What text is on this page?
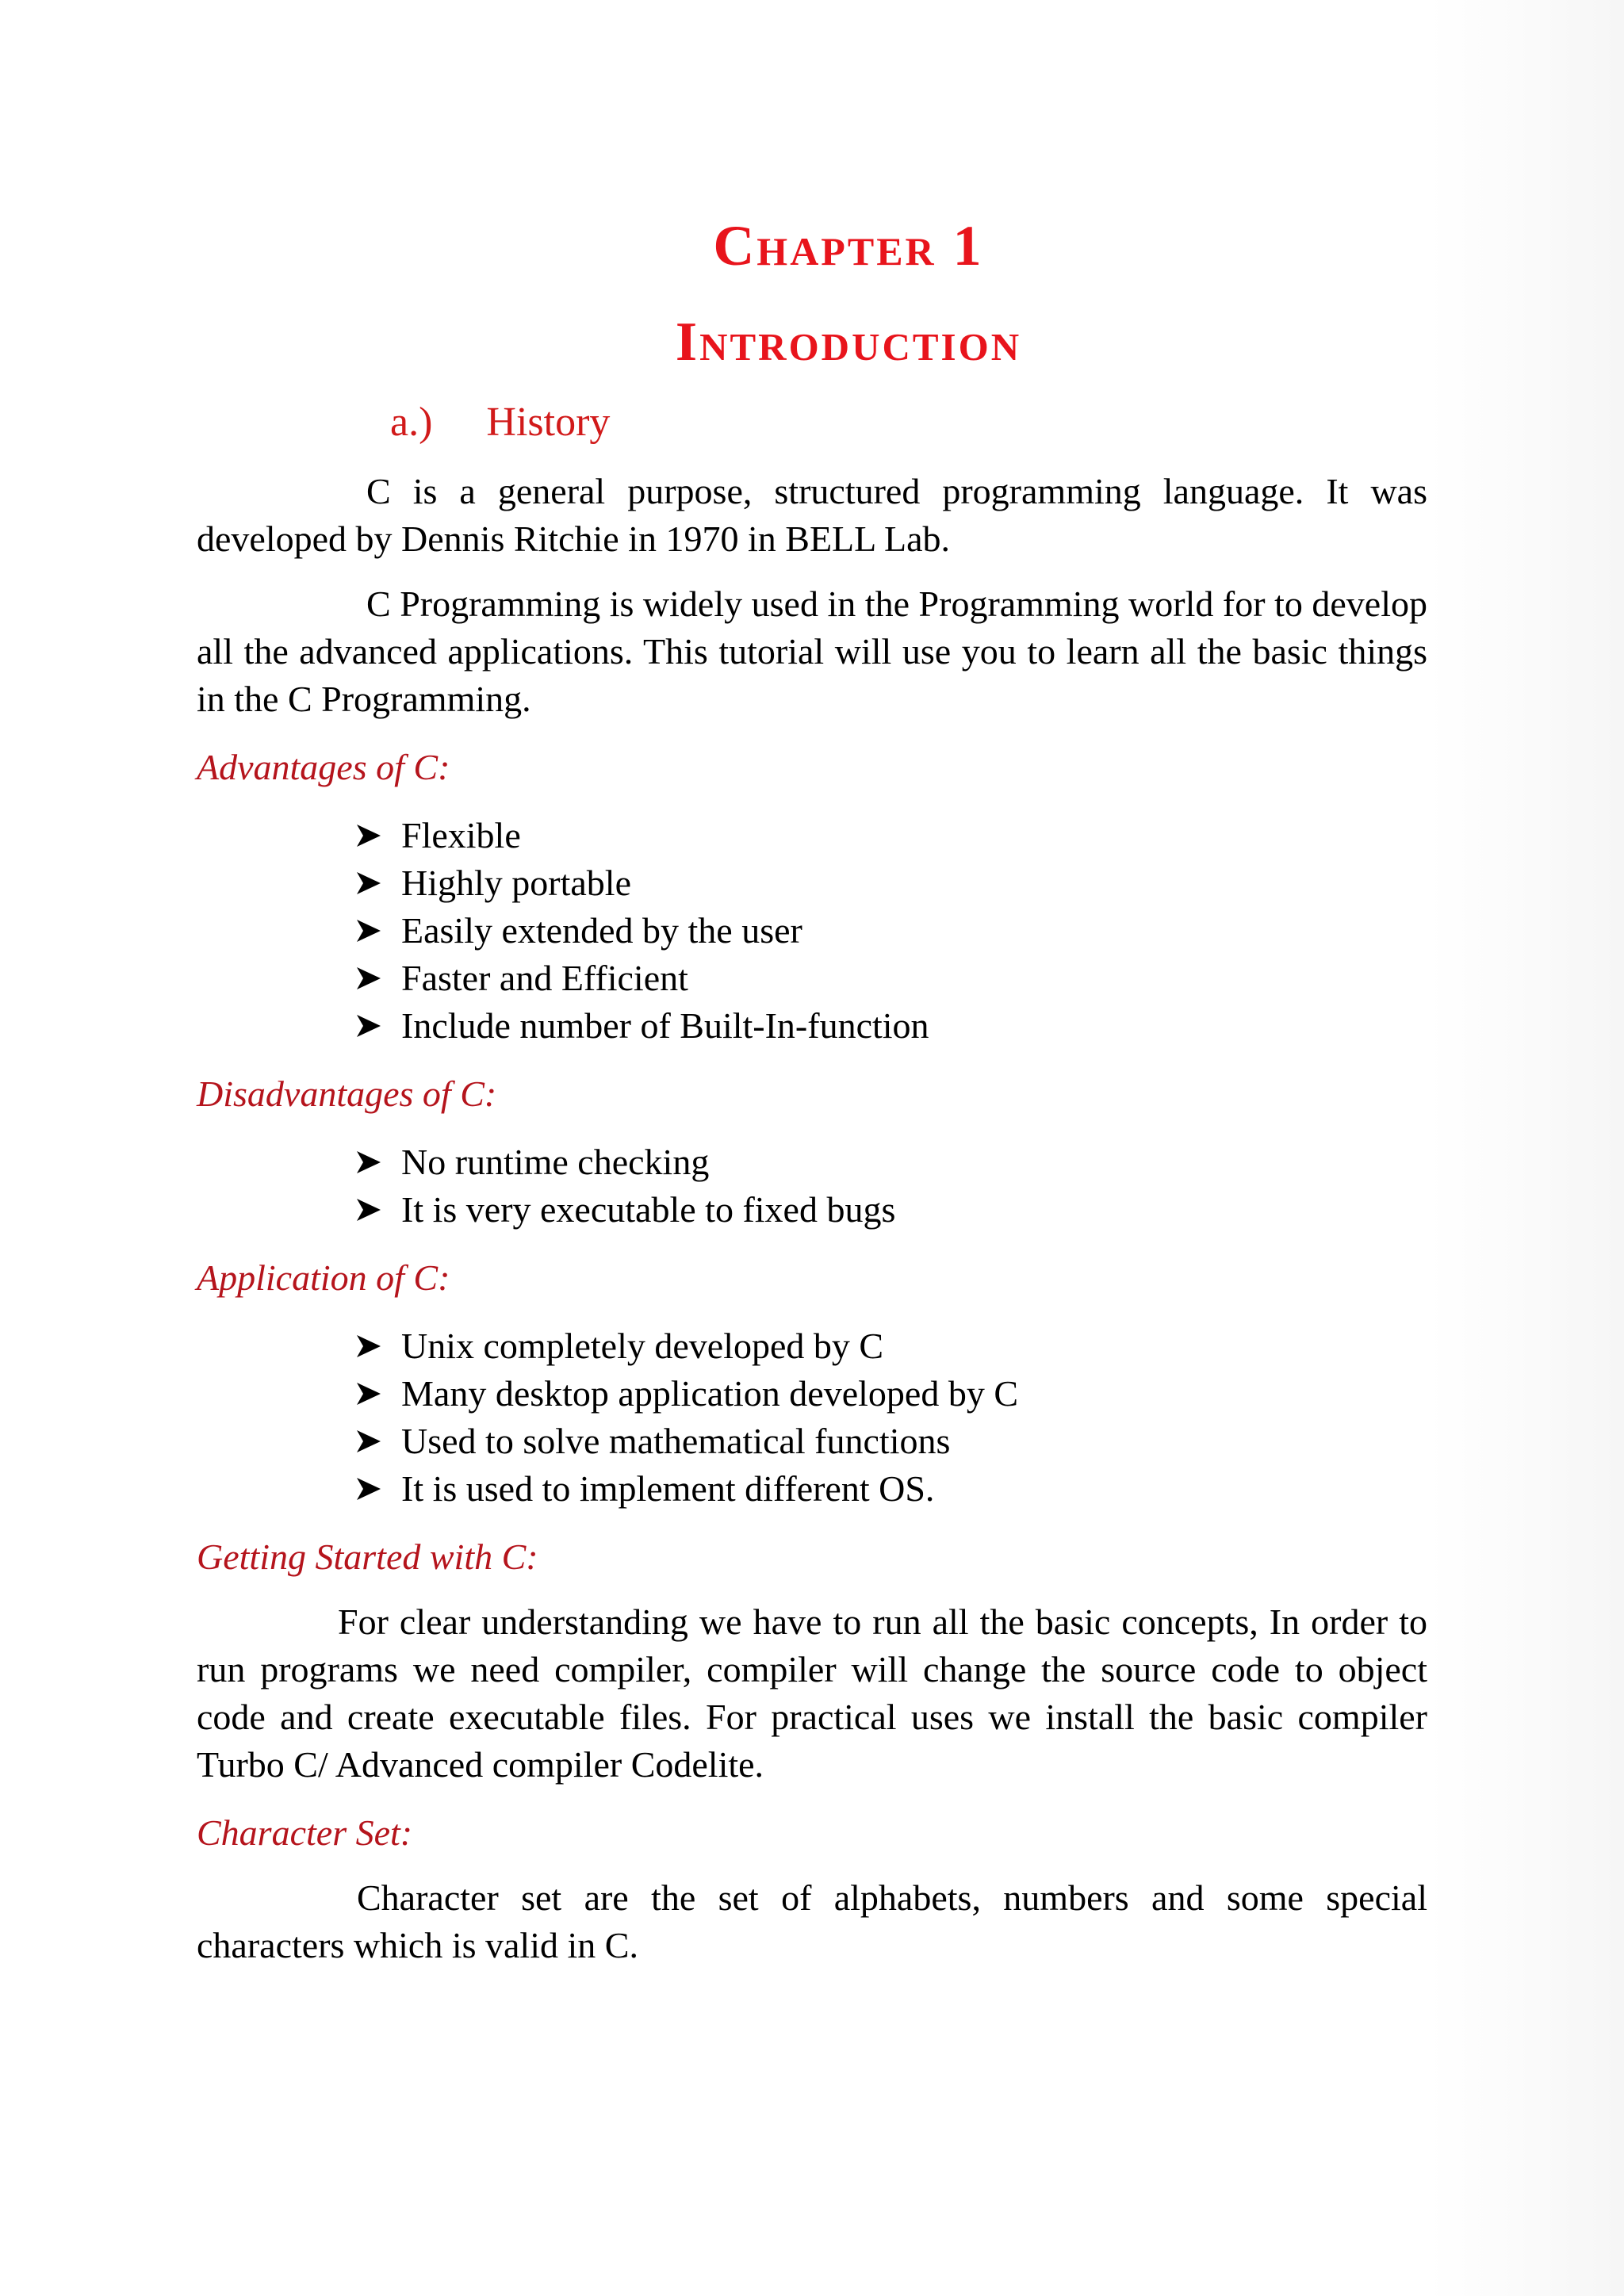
Chapter 1
Introduction
a.) History

C is a general purpose, structured programming language. It was developed by Dennis Ritchie in 1970 in BELL Lab.

C Programming is widely used in the Programming world for to develop all the advanced applications. This tutorial will use you to learn all the basic things in the C Programming.

Advantages of C:
Flexible
Highly portable
Easily extended by the user
Faster and Efficient
Include number of Built-In-function
Disadvantages of C:
No runtime checking
It is very executable to fixed bugs
Application of C:
Unix completely developed by C
Many desktop application developed by C
Used to solve mathematical functions
It is used to implement different OS.
Getting Started with C:

For clear understanding we have to run all the basic concepts, In order to run programs we need compiler, compiler will change the source code to object code and create executable files. For practical uses we install the basic compiler Turbo C/ Advanced compiler Codelite.

Character Set:

Character set are the set of alphabets, numbers and some special characters which is valid in C.
